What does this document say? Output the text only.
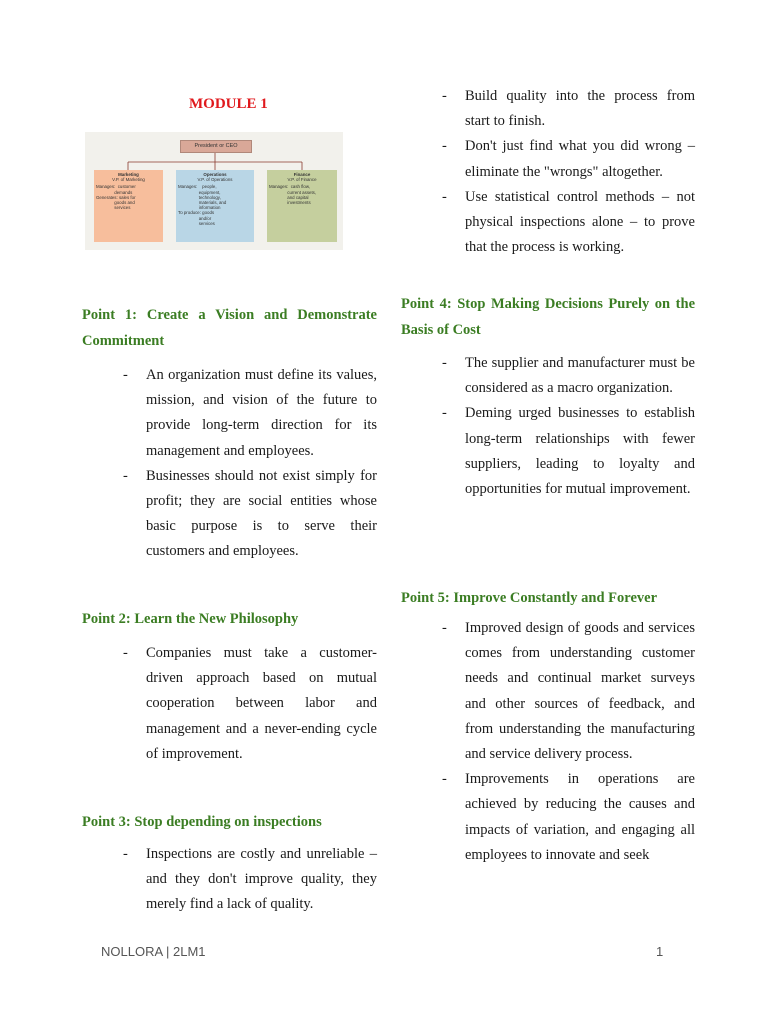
MODULE 1
President or CEO
Marketing
V.P. of Marketing
Manages:  customer
demands
Generates: sales for
goods and
services
Operations
V.P. of Operations
Manages:    people,
equipment,
technology,
materials, and
information
To produce: goods
and/or
services
Finance
V.P. of Finance
Manages:  cash flow,
current assets,
and capital
investments
Point 1: Create a Vision and Demonstrate Commitment
- An organization must define its values, mission, and vision of the future to provide long-term direction for its management and employees.
- Businesses should not exist simply for profit; they are social entities whose basic purpose is to serve their customers and employees.
Point 2: Learn the New Philosophy
- Companies must take a customer-driven approach based on mutual cooperation between labor and management and a never-ending cycle of improvement.
Point 3: Stop depending on inspections
- Inspections are costly and unreliable – and they don't improve quality, they merely find a lack of quality.
- Build quality into the process from start to finish.
- Don't just find what you did wrong – eliminate the "wrongs" altogether.
- Use statistical control methods – not physical inspections alone – to prove that the process is working.
Point 4: Stop Making Decisions Purely on the Basis of Cost
- The supplier and manufacturer must be considered as a macro organization.
- Deming urged businesses to establish long-term relationships with fewer suppliers, leading to loyalty and opportunities for mutual improvement.
Point 5: Improve Constantly and Forever
- Improved design of goods and services comes from understanding customer needs and continual market surveys and other sources of feedback, and from understanding the manufacturing and service delivery process.
- Improvements in operations are achieved by reducing the causes and impacts of variation, and engaging all employees to innovate and seek
NOLLORA | 2LM1	1
